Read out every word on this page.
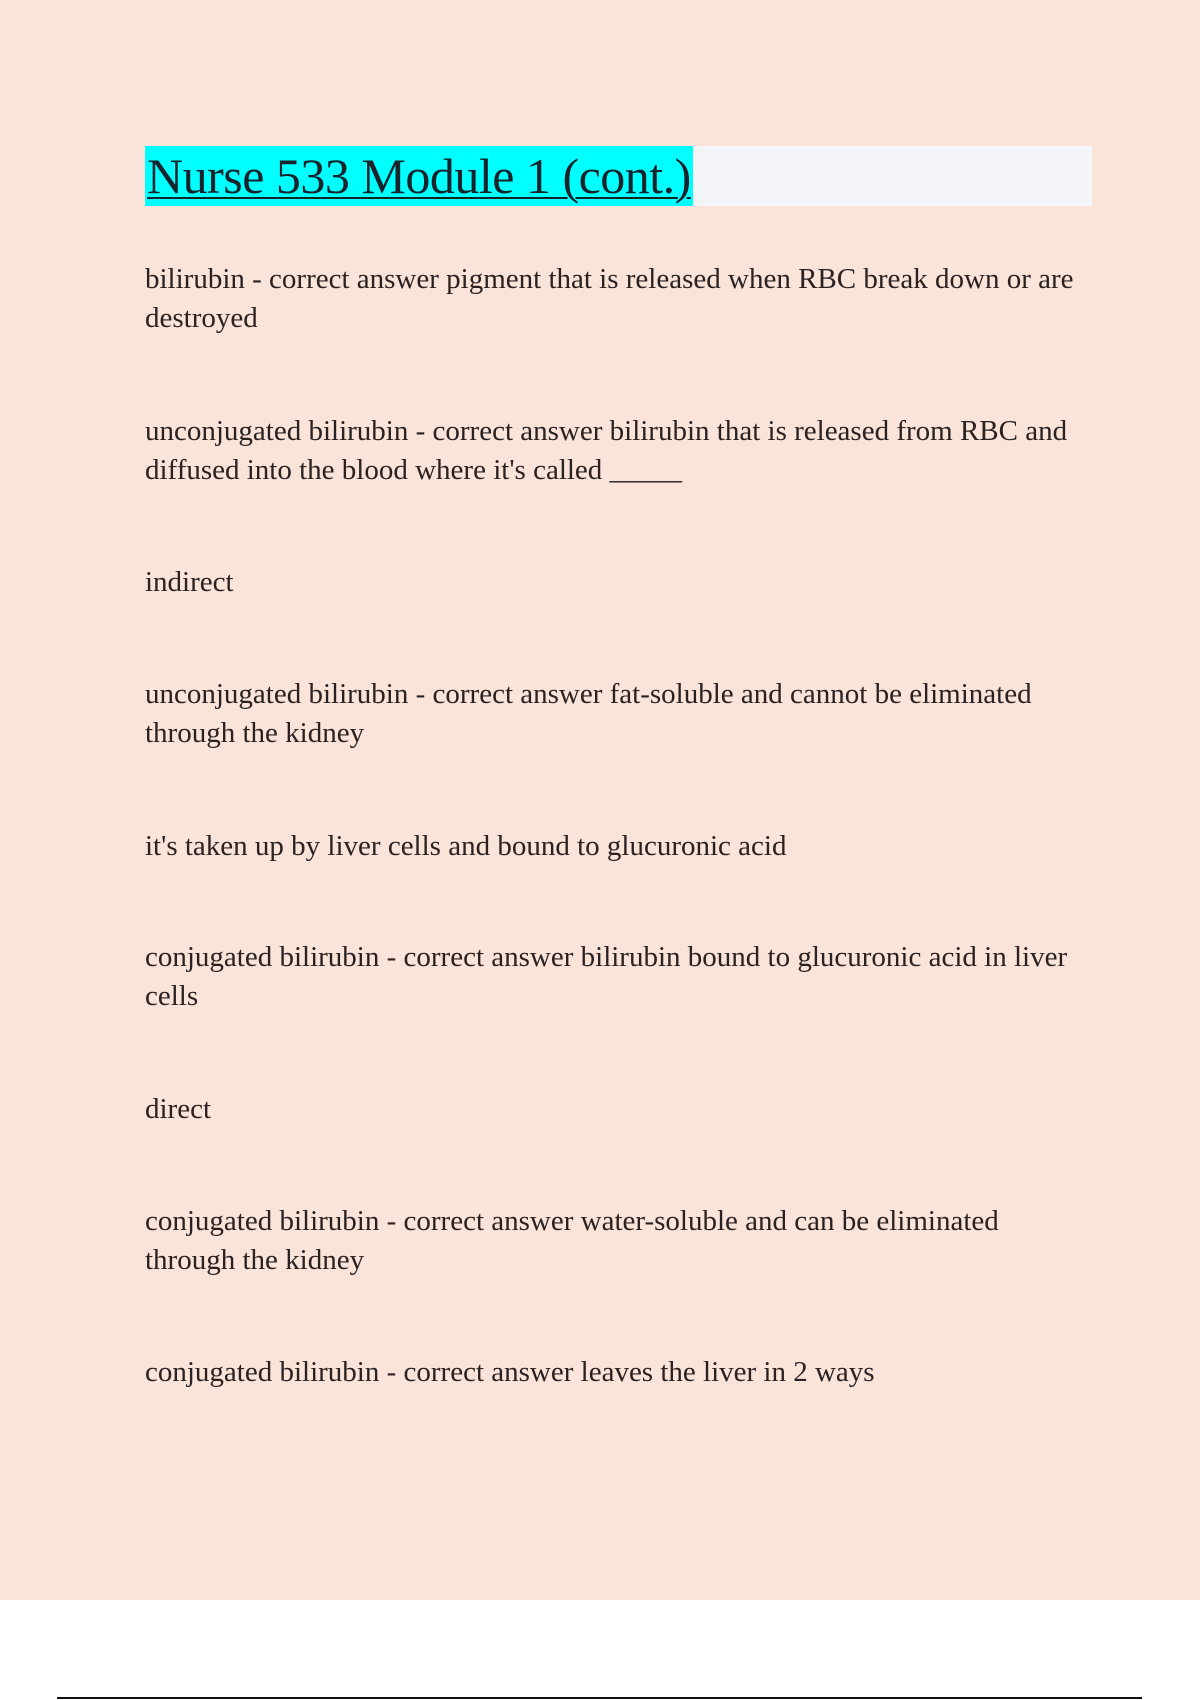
Nurse 533 Module 1 (cont.)

bilirubin - correct answer pigment that is released when RBC break down or are destroyed

unconjugated bilirubin - correct answer bilirubin that is released from RBC and diffused into the blood where it's called _____

indirect

unconjugated bilirubin - correct answer fat-soluble and cannot be eliminated through the kidney

it's taken up by liver cells and bound to glucuronic acid

conjugated bilirubin - correct answer bilirubin bound to glucuronic acid in liver cells

direct

conjugated bilirubin - correct answer water-soluble and can be eliminated through the kidney

conjugated bilirubin - correct answer leaves the liver in 2 ways
